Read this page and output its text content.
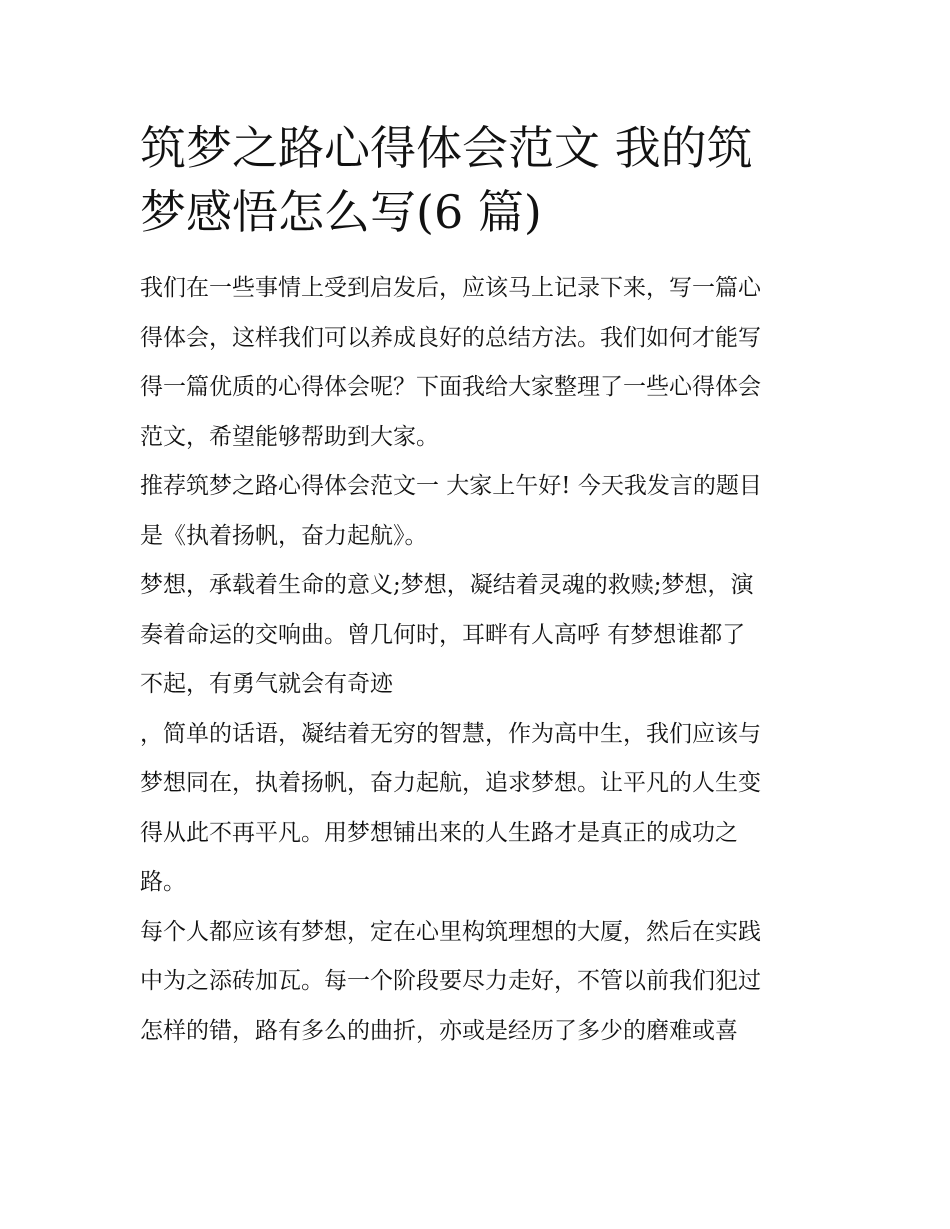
筑梦之路心得体会范文 我的筑
梦感悟怎么写(6 篇)

我们在一些事情上受到启发后，应该马上记录下来，写一篇心
得体会，这样我们可以养成良好的总结方法。我们如何才能写
得一篇优质的心得体会呢？下面我给大家整理了一些心得体会
范文，希望能够帮助到大家。

推荐筑梦之路心得体会范文一 大家上午好! 今天我发言的题目
是《执着扬帆，奋力起航》。

梦想，承载着生命的意义;梦想，凝结着灵魂的救赎;梦想，演
奏着命运的交响曲。曾几何时，耳畔有人高呼 有梦想谁都了
不起，有勇气就会有奇迹

，简单的话语，凝结着无穷的智慧，作为高中生，我们应该与
梦想同在，执着扬帆，奋力起航，追求梦想。让平凡的人生变
得从此不再平凡。用梦想铺出来的人生路才是真正的成功之
路。

每个人都应该有梦想，定在心里构筑理想的大厦，然后在实践
中为之添砖加瓦。每一个阶段要尽力走好，不管以前我们犯过
怎样的错，路有多么的曲折，亦或是经历了多少的磨难或喜
